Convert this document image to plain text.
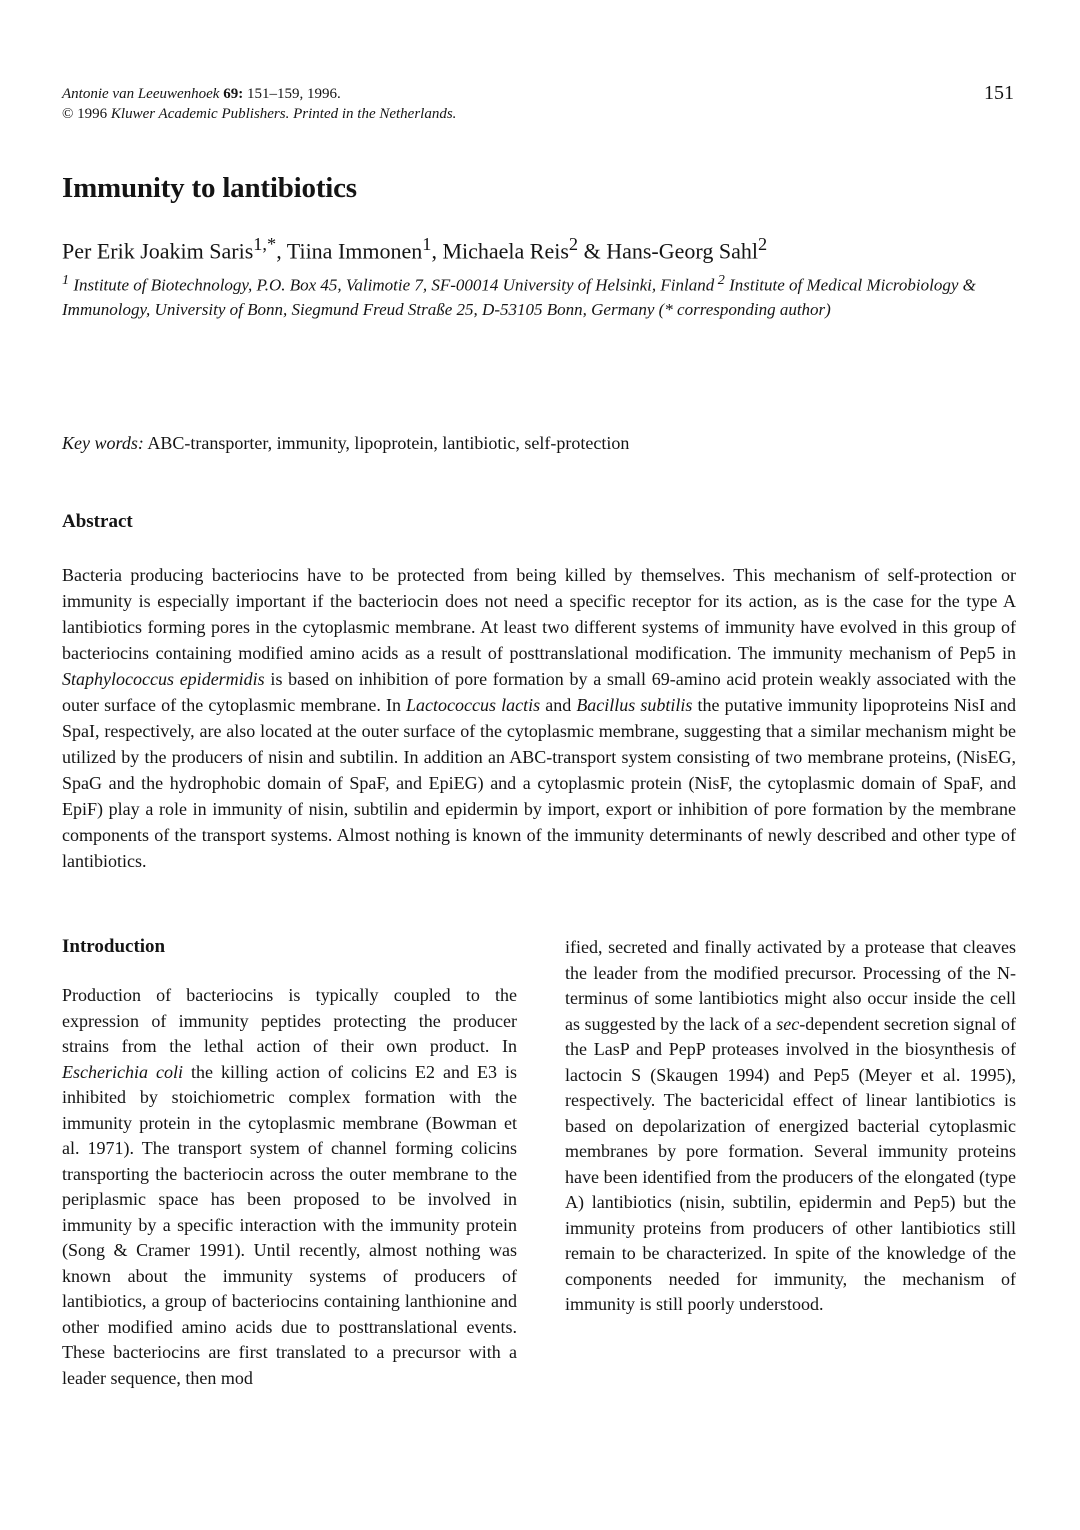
Antonie van Leeuwenhoek 69: 151–159, 1996.
© 1996 Kluwer Academic Publishers. Printed in the Netherlands.
151
Immunity to lantibiotics
Per Erik Joakim Saris$^{1,*}$, Tiina Immonen$^1$, Michaela Reis$^2$ & Hans-Georg Sahl$^2$
$^1$ Institute of Biotechnology, P.O. Box 45, Valimotie 7, SF-00014 University of Helsinki, Finland $^2$ Institute of Medical Microbiology & Immunology, University of Bonn, Siegmund Freud Straße 25, D-53105 Bonn, Germany (* corresponding author)
Key words: ABC-transporter, immunity, lipoprotein, lantibiotic, self-protection
Abstract

Bacteria producing bacteriocins have to be protected from being killed by themselves. This mechanism of self-protection or immunity is especially important if the bacteriocin does not need a specific receptor for its action, as is the case for the type A lantibiotics forming pores in the cytoplasmic membrane. At least two different systems of immunity have evolved in this group of bacteriocins containing modified amino acids as a result of posttranslational modification. The immunity mechanism of Pep5 in Staphylococcus epidermidis is based on inhibition of pore formation by a small 69-amino acid protein weakly associated with the outer surface of the cytoplasmic membrane. In Lactococcus lactis and Bacillus subtilis the putative immunity lipoproteins NisI and SpaI, respectively, are also located at the outer surface of the cytoplasmic membrane, suggesting that a similar mechanism might be utilized by the producers of nisin and subtilin. In addition an ABC-transport system consisting of two membrane proteins, (NisEG, SpaG and the hydrophobic domain of SpaF, and EpiEG) and a cytoplasmic protein (NisF, the cytoplasmic domain of SpaF, and EpiF) play a role in immunity of nisin, subtilin and epidermin by import, export or inhibition of pore formation by the membrane components of the transport systems. Almost nothing is known of the immunity determinants of newly described and other type of lantibiotics.

Introduction

Production of bacteriocins is typically coupled to the expression of immunity peptides protecting the producer strains from the lethal action of their own product. In Escherichia coli the killing action of colicins E2 and E3 is inhibited by stoichiometric complex formation with the immunity protein in the cytoplasmic membrane (Bowman et al. 1971). The transport system of channel forming colicins transporting the bacteriocin across the outer membrane to the periplasmic space has been proposed to be involved in immunity by a specific interaction with the immunity protein (Song & Cramer 1991). Until recently, almost nothing was known about the immunity systems of producers of lantibiotics, a group of bacteriocins containing lanthionine and other modified amino acids due to posttranslational events. These bacteriocins are first translated to a precursor with a leader sequence, then mod

ified, secreted and finally activated by a protease that cleaves the leader from the modified precursor. Processing of the N-terminus of some lantibiotics might also occur inside the cell as suggested by the lack of a sec-dependent secretion signal of the LasP and PepP proteases involved in the biosynthesis of lactocin S (Skaugen 1994) and Pep5 (Meyer et al. 1995), respectively. The bactericidal effect of linear lantibiotics is based on depolarization of energized bacterial cytoplasmic membranes by pore formation. Several immunity proteins have been identified from the producers of the elongated (type A) lantibiotics (nisin, subtilin, epidermin and Pep5) but the immunity proteins from producers of other lantibiotics still remain to be characterized. In spite of the knowledge of the components needed for immunity, the mechanism of immunity is still poorly understood.
